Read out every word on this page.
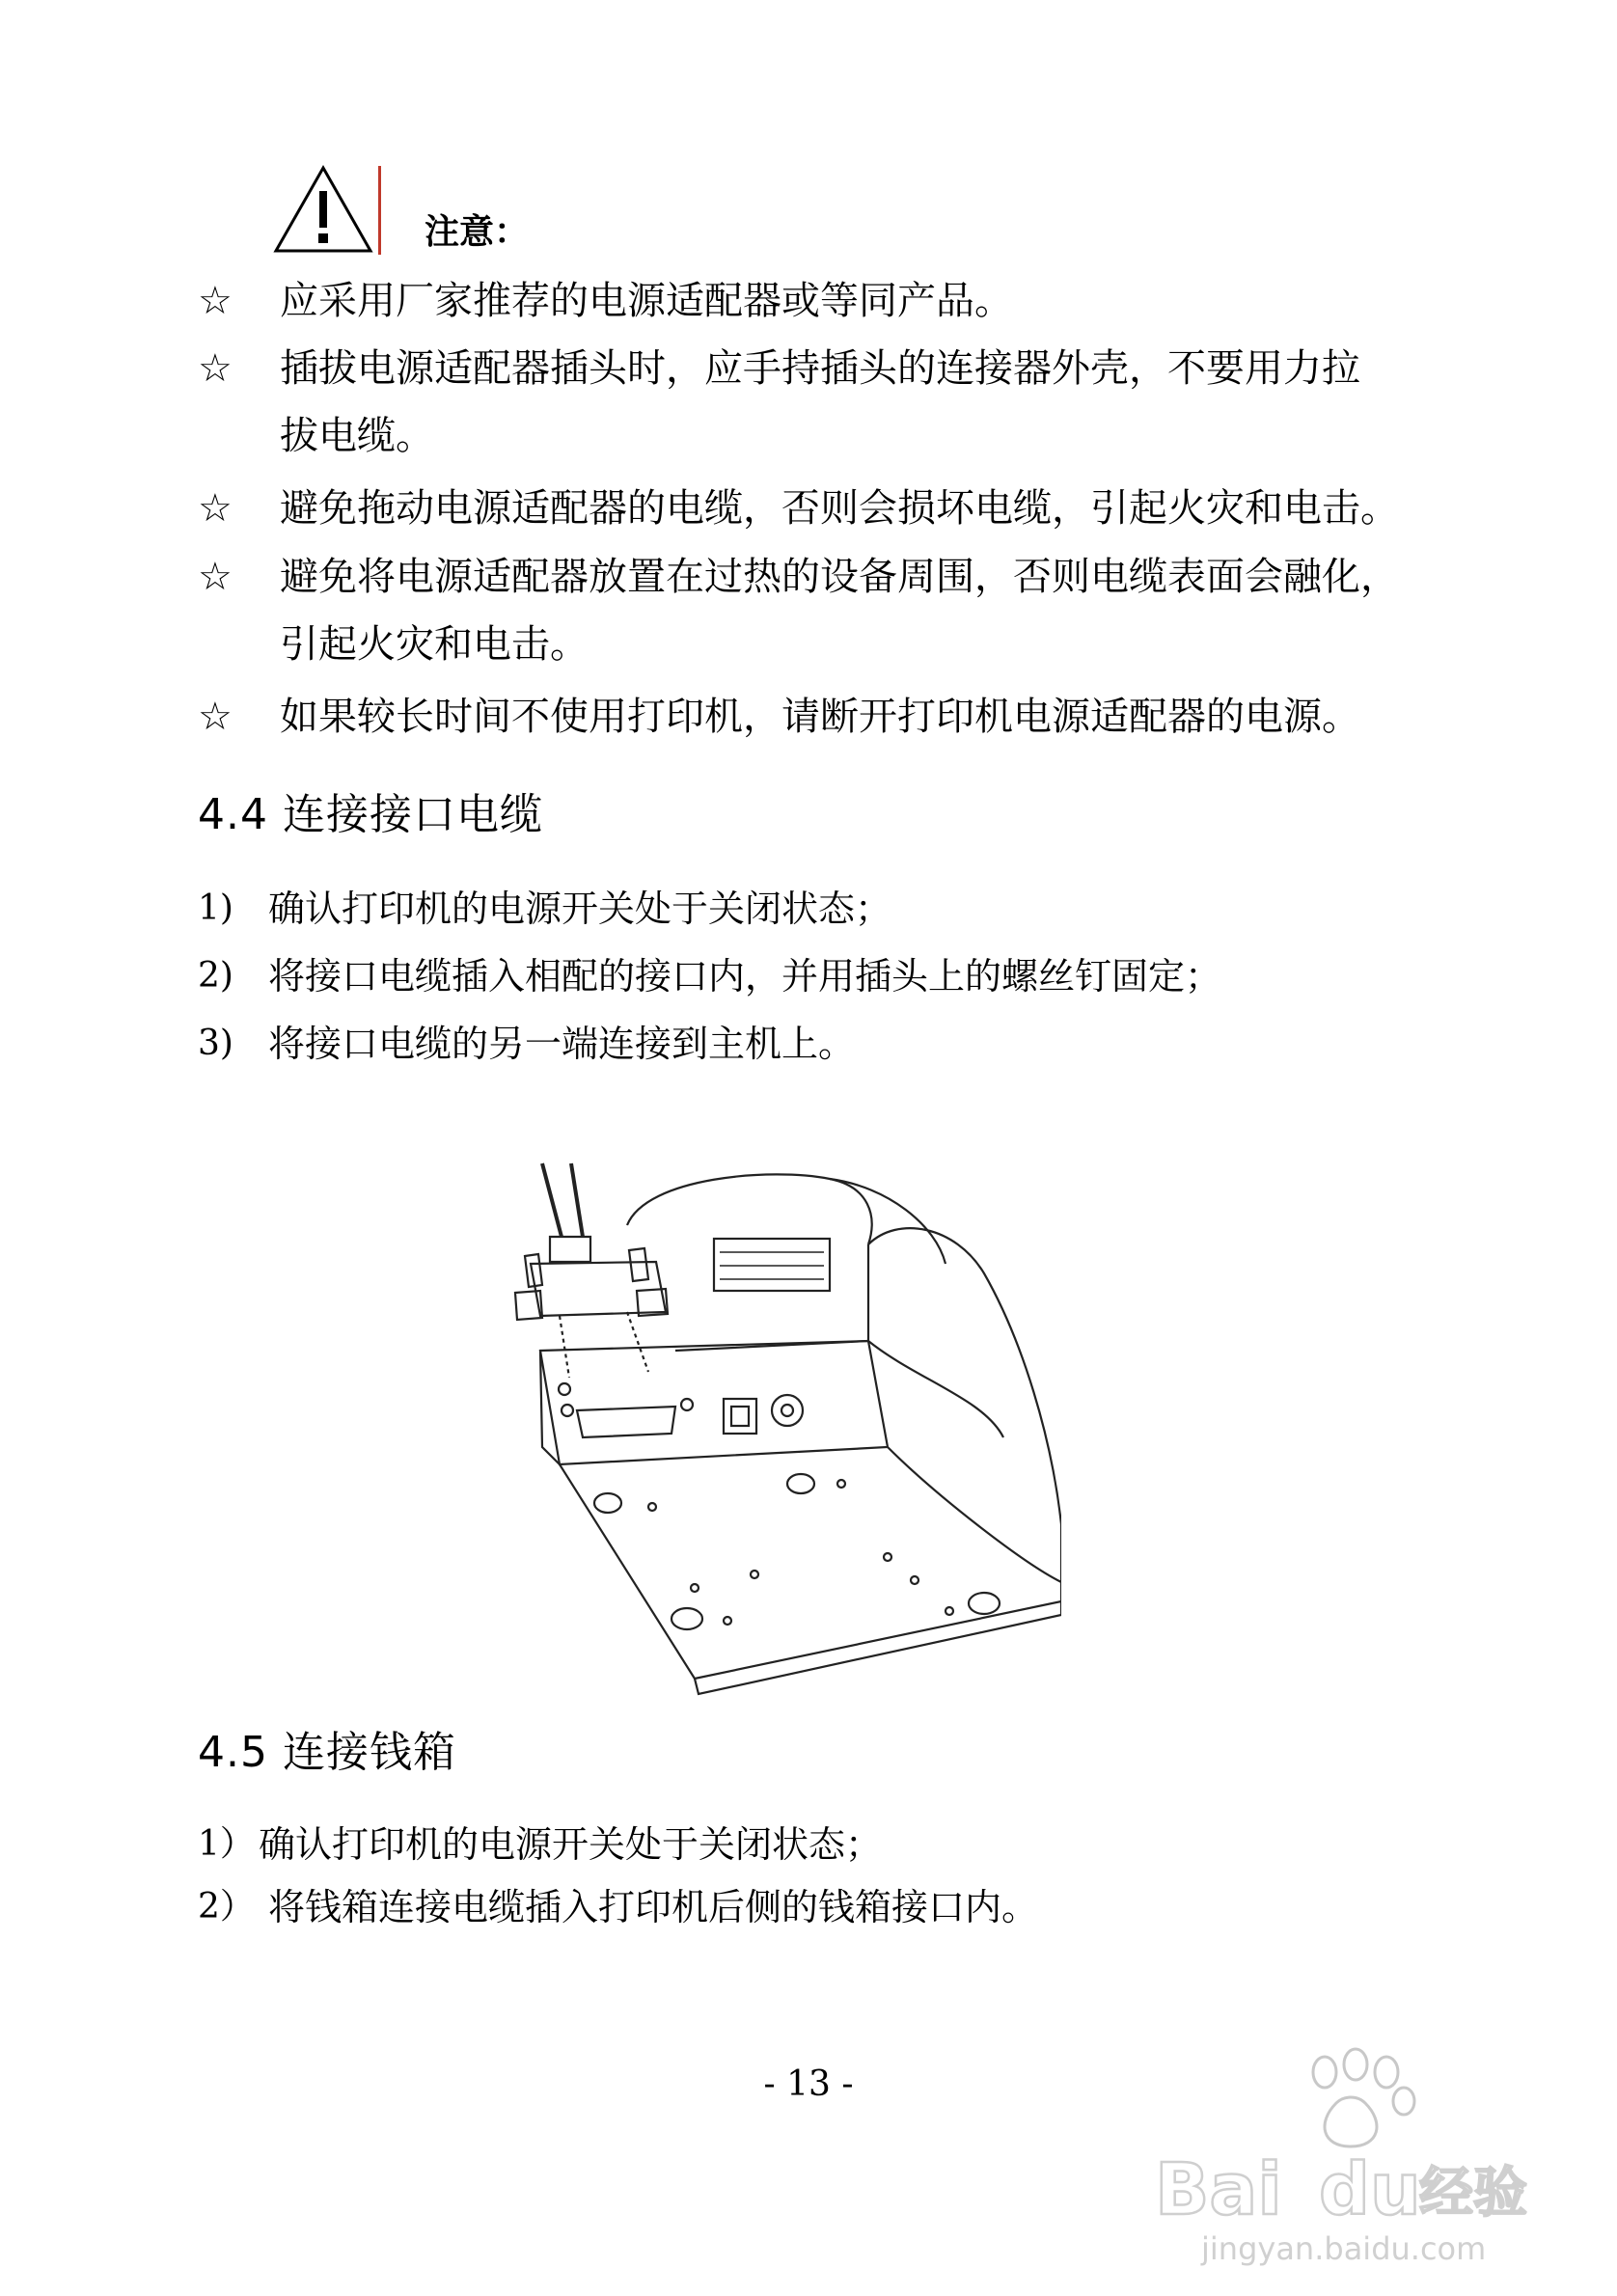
注意：
☆ 应采用厂家推荐的电源适配器或等同产品。
☆ 插拔电源适配器插头时，应手持插头的连接器外壳，不要用力拉
拔电缆。
☆ 避免拖动电源适配器的电缆，否则会损坏电缆，引起火灾和电击。
☆ 避免将电源适配器放置在过热的设备周围，否则电缆表面会融化，
引起火灾和电击。
☆ 如果较长时间不使用打印机，请断开打印机电源适配器的电源。
4.4 连接接口电缆
1) 确认打印机的电源开关处于关闭状态；
2) 将接口电缆插入相配的接口内，并用插头上的螺丝钉固定；
3) 将接口电缆的另一端连接到主机上。
4.5 连接钱箱
1） 确认打印机的电源开关处于关闭状态；
2） 将钱箱连接电缆插入打印机后侧的钱箱接口内。
- 13 -
Bai du
经验
jingyan.baidu.com
